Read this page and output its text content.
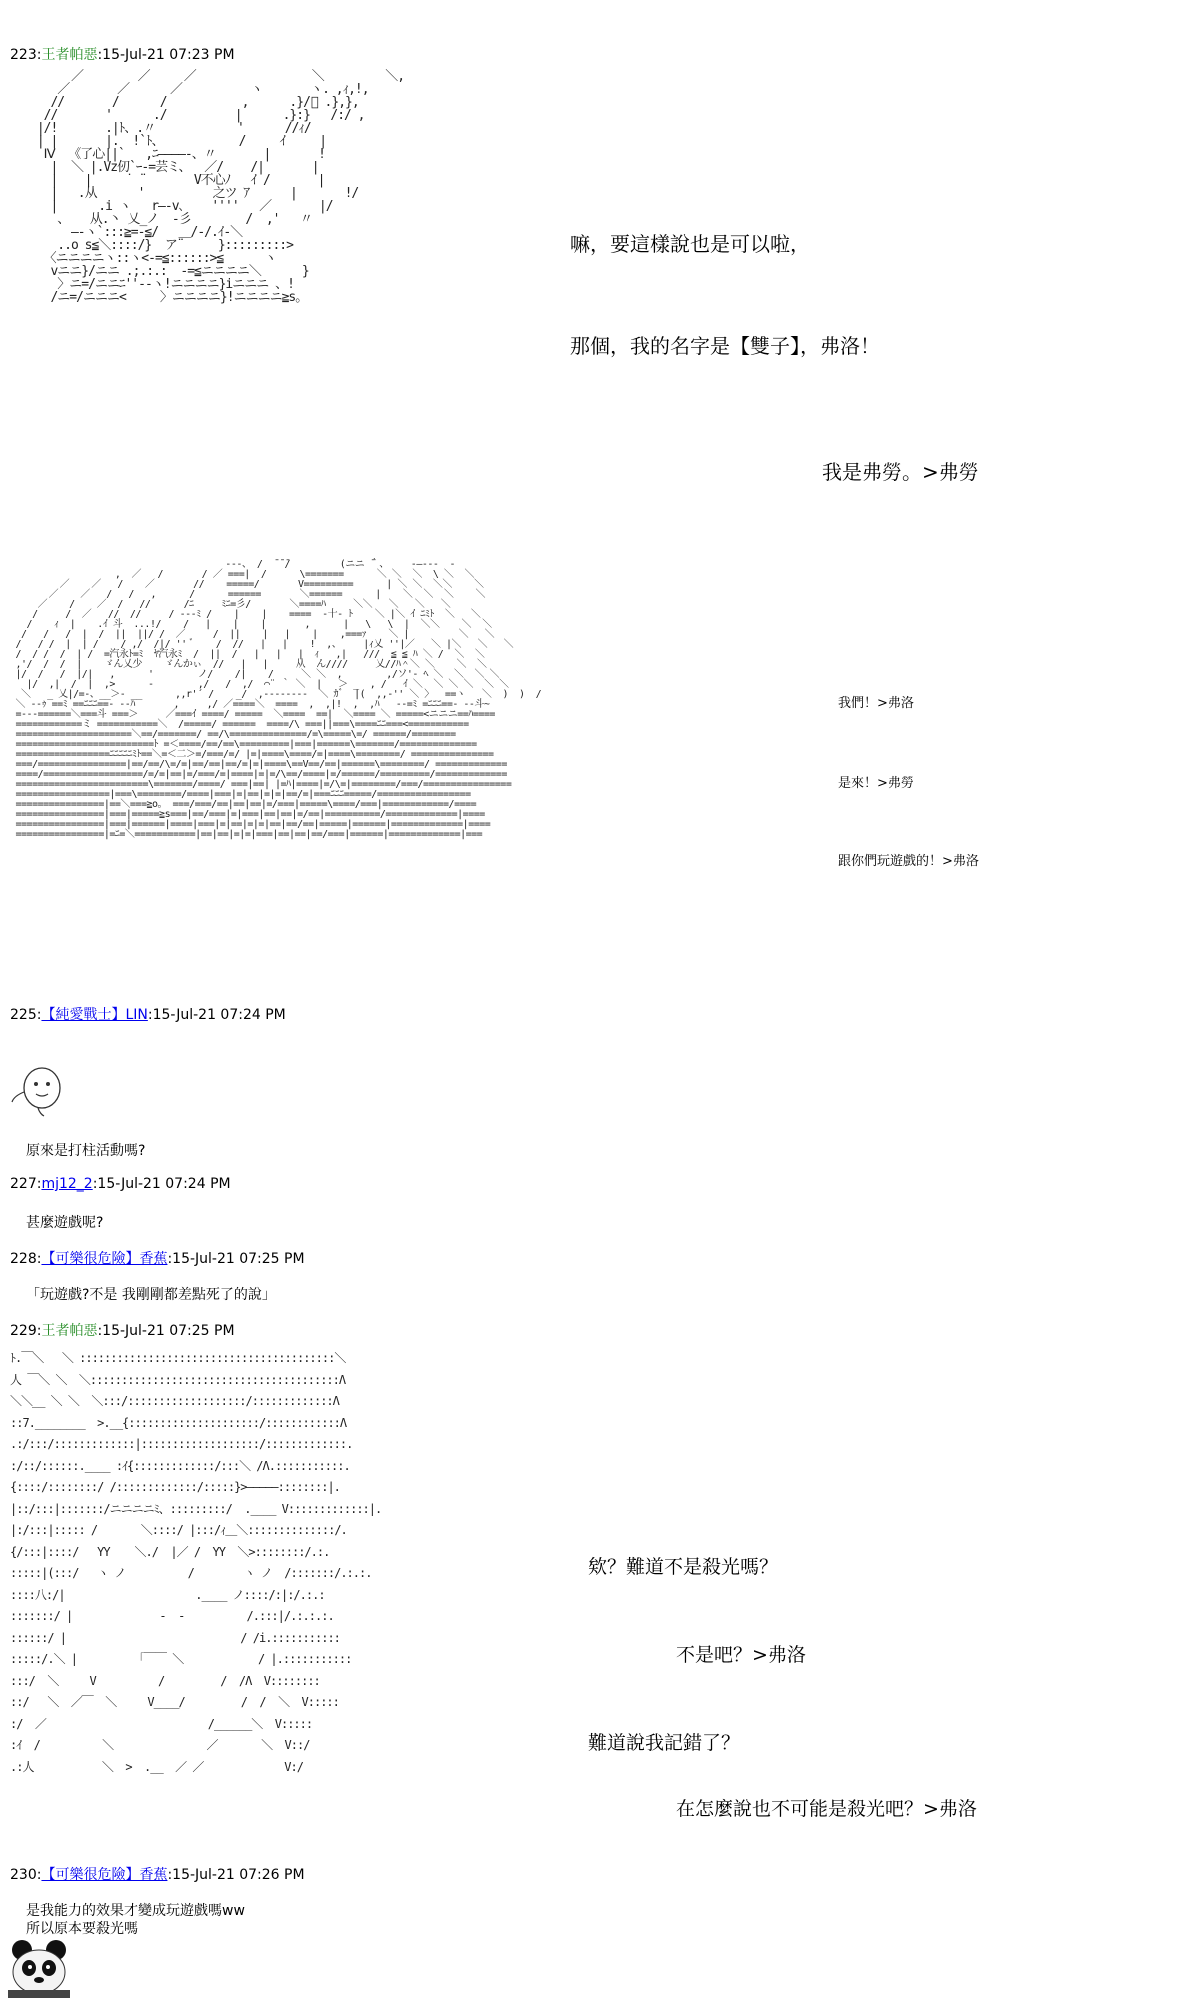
223:王者帕惡:15-Jul-21 07:23 PM
／        ／     ／                 ＼         ＼,
／       ／      ／          ヽ       ヽ. ,ｨ,!,
//       /      /           ,      .}/ﾞ .},},
//       '      ./          |      .}:}   /:/ ,
|/!       .|ﾄ、.〃            '      //ｨ/
| |       |.  !`ﾄ、           /     ｲ     |
Ⅳ  《了心||`   ,ﾆ――――‐、〃       |       !
|  ＼ |.Vz仞`ｰ‐=芸ミ、  ／/    /|       |
|    |     ˙ ¨       V不心ﾉ   ｲ /       |
|   .从      '          之ツ ｱ      |       !/
|      .i ヽ   r―‐v､    ''''   ／       |/
、   从.丶 乂_ノ  -彡        /  ,'   〃
―-ヽ`:::≧=-≦/   ＿/-/.ｲ-＼
..o s≦＼::::/}  ア¨     }:::::::::>
〈ニニニニヽ::ヽ<-=≦::::::>≦      ヽ
vニニ}/ニニ .;.:.:  -=≦ニニニニ＼      }
〉ニ=/ニニﾆ''-‐ヽ!ニニニニ}iニニニ 、!
/ニ=/ニニニ<     〉ニニニニ}!ニニニニ≧s。
嘛，要這樣說也是可以啦，
那個，我的名字是【雙子】，弗洛！
我是弗勞。>弗勞
---、 /  ̄ ̄ ̄/         (ニニ ̄｀、    -―---  -
,  ／   /       / ／ ===|  /      \=======      ＼ ＼  ＼  \ ＼  ＼
／    ／   /    ／       //    =====/       V=========      | ＼ ＼  ＼＼    ＼
／    ／   /   /   ,      /      ======       ＼======      |    ＼  ＼  ＼    ＼
／    /    ／  /   //      /ﾆ     ﾐﾆ=彡/       ＼====ﾊ     ＼＼   ＼   ＼   ＼
/     /  ／   //  //     / ---ﾐ /    |    |    ====  ‐十‐ ﾄ    ＼ |＼ ｲ ﾆﾐﾄ  ＼   ＼
/    ｨ  |    .ｲ 斗  ...!/    /   |    |    |       ,      |   \   \  |  ＼＼    ＼  ＼
/   /   /  |  /  ||  ||/ /  ／     /  ||    |   |    |    ,===ｧ    ＼ |         ＼   ＼
/   / /  |  | /    / ,/  /|/ '' ﾞ    /  //   |   |    !  ,、    |ｨ乂 ''|／   ＼ |＼   ＼   ＼
/  / /  /  | /  =汽永ﾄ=ﾐ  ﾔ汽永ﾐ  /  ||  /   |   |   |  ｨ   ,|   ///  ≦ ≦ ﾊ ＼ /  ＼  ＼
,'/  /  /  |    ゞん乂少    ゞんかぃ  //   |   |     从  ん////     乂//ﾊ＾＼ ＼    ＼  ＼
|/  /   /  |/|   ,      '        ノ/    /|    /     ＼ ＼  ,        ,/ソ'‐ ﾍ ＼  ＼  ＼ ＼
|/  ,|  /  |  ,>      ‐        ,/   /  ,/  ⌒¨ ｀ ＼  |   ＞ _  , /   ｲ ＼  ＼ ＼ ＼  ＼ ＼
＼   _ 乂|/=-、__＞‐ __      ,,r'´ /    _/  ,--------  ＼ ｶﾞ  |(  ,,-'' ＼ 〉  ==ヽ   ＼  )  )  /
＼ --ｩ ==ﾐ ==ﾆﾆﾆ==- --ﾊ       ,     ,/ ／====＼  ====  ,  ,|!  ,  ,ﾊ   --=ﾐ =ﾆﾆﾆ==- --斗~
=---======＼===斗 ===＞     ／===ｲ ====/ =====  ＼====  ==|  ＼==== ＼ =====<ニニニ==ﾊ====
============ミ ===========＼  /=====/ ======  ====/\ ===||===\====ﾆﾆ===<===========
=====================＼==/=======/ ==/\==============/=\=====\=/ ======/========
=========================ﾄ =＜====/==/==\=========|===|======\=======/==============
=================ﾆﾆﾆﾆﾆﾐﾄ==＼=＜二＞=/===/=/ |=|====\====/=|====\========/ ===============
===/================|==/==/\=/=|==/==|==/=|=|====\==V==/==|======\========/ =============
====/==================/=/=|==|=/===/=|====|=|=/\==/====|=/======/=========/=============
========================\=======/====/ ===|==| |=ﾊ|====|=/\=|========/===/================
=================|===\========/====|===|=|==|=|=|==/=|===ﾆﾆﾆ=====/=================
================|==＼===≧o。 ===/===/==|==|==|=/===|=====\====/===|============/====
================|===|=====≧s===|==/===|=|===|==|==|=/==|==========/=============|====
================|===|======|====|===|=|==|=|=|==|==/==|=====|======|=============|====
================|=ﾆ=＼===========|==|==|=|=|===|==|==|==/===|======|=============|===
我們！>弗洛
是來！>弗勞
跟你們玩遊戲的！>弗洛
225:【純愛戰士】LIN:15-Jul-21 07:24 PM
原來是打柱活動嗎?
227:mj12_2:15-Jul-21 07:24 PM
甚麼遊戲呢?
228:【可樂很危險】香蕉:15-Jul-21 07:25 PM
「玩遊戲?不是 我剛剛都差點死了的說」
229:王者帕惡:15-Jul-21 07:25 PM
ﾄ.￣＼   ＼ :::::::::::::::::::::::::::::::::::::::::＼
人 ￣＼ ＼  ＼::::::::::::::::::::::::::::::::::::::::Λ
＼＼__ ＼ ＼  ＼:::/:::::::::::::::::::/:::::::::::::Λ
::7.________  >.__{:::::::::::::::::::::/::::::::::::Λ
.:/:::/:::::::::::::|:::::::::::::::::::/:::::::::::::.
:/::/::::::.____ :ｲ{:::::::::::::/:::＼ /Λ.:::::::::::.
{::::/::::::::/ /:::::::::::::/:::::}>―――――::::::::|.
|::/:::|:::::::/ニニニニﾐ、:::::::::/  .____ V:::::::::::::|.
|:/:::|::::: /       ＼::::/ |:::/ｨ＿＼::::::::::::::/.
{/:::|::::/   YY    ＼./  |／ /  YY  ＼>::::::::/.:.
:::::|(:::/   ヽ ノ          /        ヽ ノ  /:::::::/.:.:.
::::八:/|                     .____ ノ::::/:|:/.:.:
:::::::/ |              ‐  ‐          /.:::|/.:.:.:.
::::::/ |                            / /i.:::::::::::
:::::/.＼ |         「￣￣ ＼            / |.:::::::::::
:::/  ＼     V          /         /  /Λ  V::::::::
::/   ＼  ／￣  ＼     V____/         /  /  ＼  V:::::
:/  ／                          /______＼  V:::::
:ｲ  /          ＼               ／       ＼  V::/
.:人           ＼  >  .__  ／ ／             V:/
欸？難道不是殺光嗎？
不是吧？>弗洛
難道說我記錯了？
在怎麼說也不可能是殺光吧？>弗洛
230:【可樂很危險】香蕉:15-Jul-21 07:26 PM
是我能力的效果才變成玩遊戲嗎ww
所以原本要殺光嗎
